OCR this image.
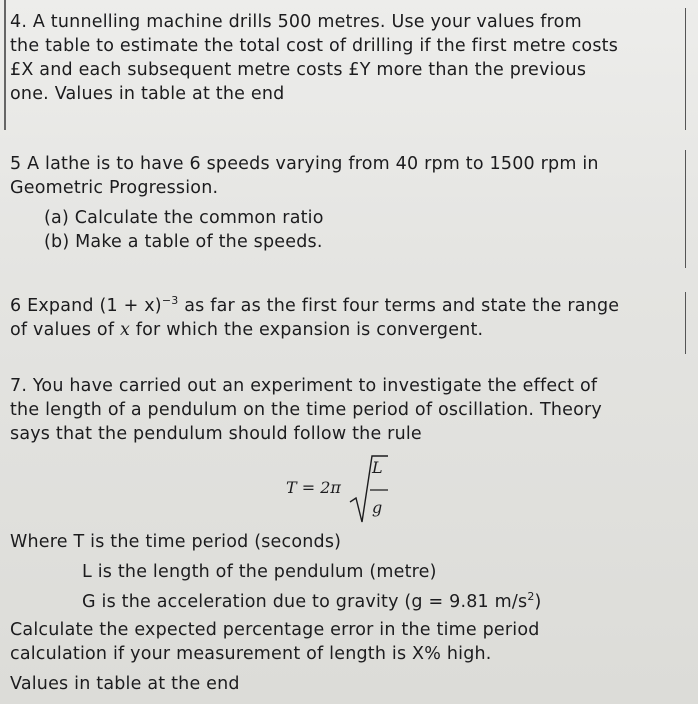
4. A tunnelling machine drills 500 metres. Use your values from
the table to estimate the total cost of drilling if the first metre costs
£X and each subsequent metre costs £Y more than the previous
one. Values in table at the end
5 A lathe is to have 6 speeds varying from 40 rpm to 1500 rpm in
Geometric Progression.
(a) Calculate the common ratio
(b) Make a table of the speeds.
6 Expand $(1 + x)^{-3}$ as far as the first four terms and state the range
of values of x for which the expansion is convergent.
7. You have carried out an experiment to investigate the effect of
the length of a pendulum on the time period of oscillation. Theory
says that the pendulum should follow the rule
T = 2π
L
g
Where T is the time period (seconds)
L is the length of the pendulum (metre)
G is the acceleration due to gravity (g = 9.81 $m/s^2$)
Calculate the expected percentage error in the time period
calculation if your measurement of length is X% high.
Values in table at the end
